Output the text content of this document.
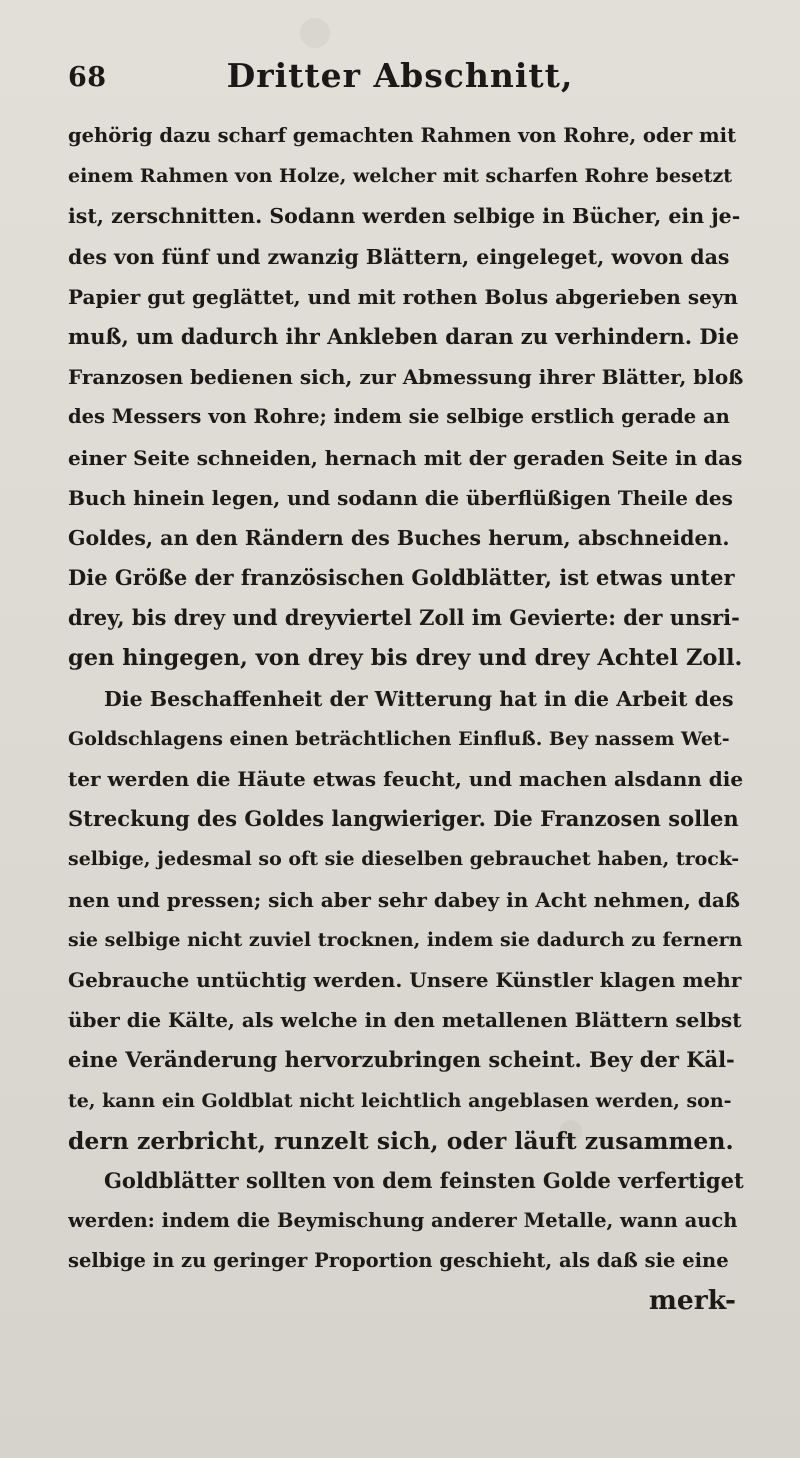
68	Dritter Abschnitt,
gehörig dazu scharf gemachten Rahmen von Rohre, oder mit
einem Rahmen von Holze, welcher mit scharfen Rohre besetzt
ist, zerschnitten. Sodann werden selbige in Bücher, ein je-
des von fünf und zwanzig Blättern, eingeleget, wovon das
Papier gut geglättet, und mit rothen Bolus abgerieben seyn
muß, um dadurch ihr Ankleben daran zu verhindern. Die
Franzosen bedienen sich, zur Abmessung ihrer Blätter, bloß
des Messers von Rohre; indem sie selbige erstlich gerade an
einer Seite schneiden, hernach mit der geraden Seite in das
Buch hinein legen, und sodann die überflüßigen Theile des
Goldes, an den Rändern des Buches herum, abschneiden.
Die Größe der französischen Goldblätter, ist etwas unter
drey, bis drey und dreyviertel Zoll im Gevierte: der unsri-
gen hingegen, von drey bis drey und drey Achtel Zoll.
Die Beschaffenheit der Witterung hat in die Arbeit des
Goldschlagens einen beträchtlichen Einfluß. Bey nassem Wet-
ter werden die Häute etwas feucht, und machen alsdann die
Streckung des Goldes langwieriger. Die Franzosen sollen
selbige, jedesmal so oft sie dieselben gebrauchet haben, trock-
nen und pressen; sich aber sehr dabey in Acht nehmen, daß
sie selbige nicht zuviel trocknen, indem sie dadurch zu fernern
Gebrauche untüchtig werden. Unsere Künstler klagen mehr
über die Kälte, als welche in den metallenen Blättern selbst
eine Veränderung hervorzubringen scheint. Bey der Käl-
te, kann ein Goldblat nicht leichtlich angeblasen werden, son-
dern zerbricht, runzelt sich, oder läuft zusammen.
Goldblätter sollten von dem feinsten Golde verfertiget
werden: indem die Beymischung anderer Metalle, wann auch
selbige in zu geringer Proportion geschieht, als daß sie eine
merk-
